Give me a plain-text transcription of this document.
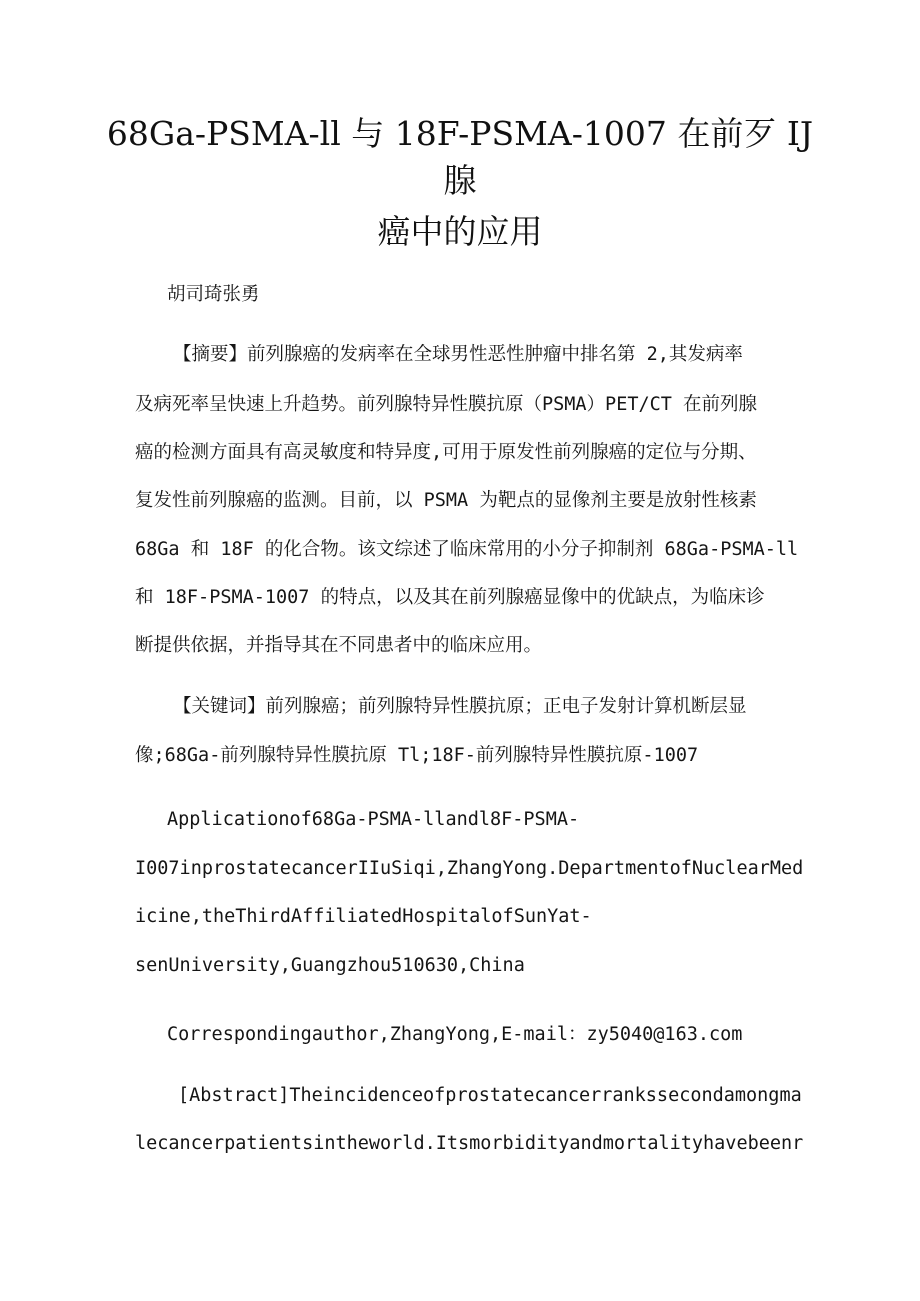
68Ga-PSMA-ll 与 18F-PSMA-1007 在前歹 IJ
腺
癌中的应用
胡司琦张勇
【摘要】前列腺癌的发病率在全球男性恶性肿瘤中排名第 2,其发病率
及病死率呈快速上升趋势。前列腺特异性膜抗原（PSMA）PET/CT 在前列腺
癌的检测方面具有高灵敏度和特异度,可用于原发性前列腺癌的定位与分期、
复发性前列腺癌的监测。目前，以 PSMA 为靶点的显像剂主要是放射性核素
68Ga 和 18F 的化合物。该文综述了临床常用的小分子抑制剂 68Ga-PSMA-ll
和 18F-PSMA-1007 的特点，以及其在前列腺癌显像中的优缺点，为临床诊
断提供依据，并指导其在不同患者中的临床应用。
【关键词】前列腺癌；前列腺特异性膜抗原；正电子发射计算机断层显
像;68Ga-前列腺特异性膜抗原 Tl;18F-前列腺特异性膜抗原-1007
Applicationof68Ga-PSMA-llandl8F-PSMA-
I007inprostatecancerIIuSiqi,ZhangYong.DepartmentofNuclearMed
icine,theThirdAffiliatedHospitalofSunYat-
senUniversity,Guangzhou510630,China
Correspondingauthor,ZhangYong,E-mail：zy5040@163.com
[Abstract]Theincidenceofprostatecancerrankssecondamongma
lecancerpatientsintheworld.Itsmorbidityandmortalityhavebeenr
